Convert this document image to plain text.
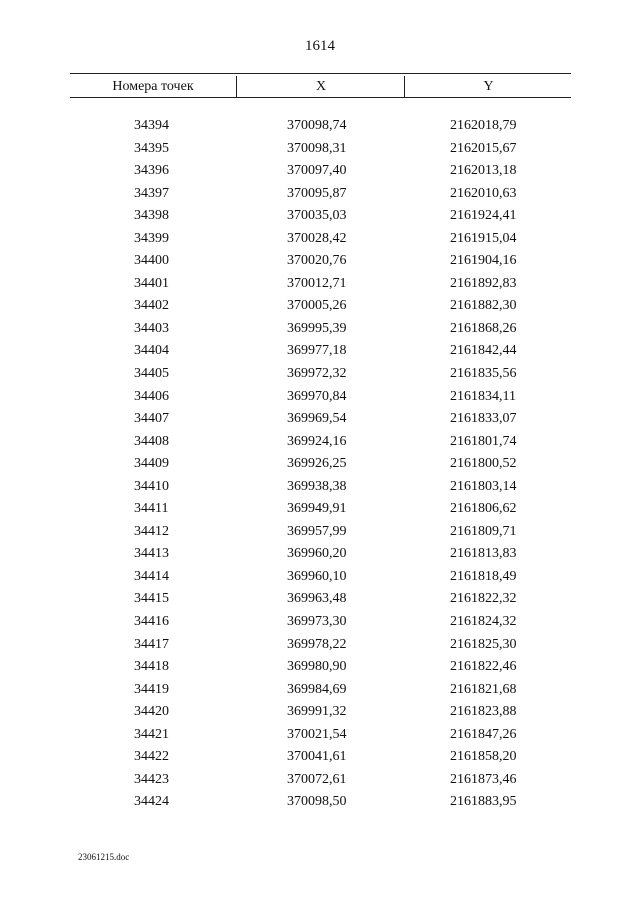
1614
Номера точек	X	Y
34394	370098,74	2162018,79
34395	370098,31	2162015,67
34396	370097,40	2162013,18
34397	370095,87	2162010,63
34398	370035,03	2161924,41
34399	370028,42	2161915,04
34400	370020,76	2161904,16
34401	370012,71	2161892,83
34402	370005,26	2161882,30
34403	369995,39	2161868,26
34404	369977,18	2161842,44
34405	369972,32	2161835,56
34406	369970,84	2161834,11
34407	369969,54	2161833,07
34408	369924,16	2161801,74
34409	369926,25	2161800,52
34410	369938,38	2161803,14
34411	369949,91	2161806,62
34412	369957,99	2161809,71
34413	369960,20	2161813,83
34414	369960,10	2161818,49
34415	369963,48	2161822,32
34416	369973,30	2161824,32
34417	369978,22	2161825,30
34418	369980,90	2161822,46
34419	369984,69	2161821,68
34420	369991,32	2161823,88
34421	370021,54	2161847,26
34422	370041,61	2161858,20
34423	370072,61	2161873,46
34424	370098,50	2161883,95
23061215.doc
